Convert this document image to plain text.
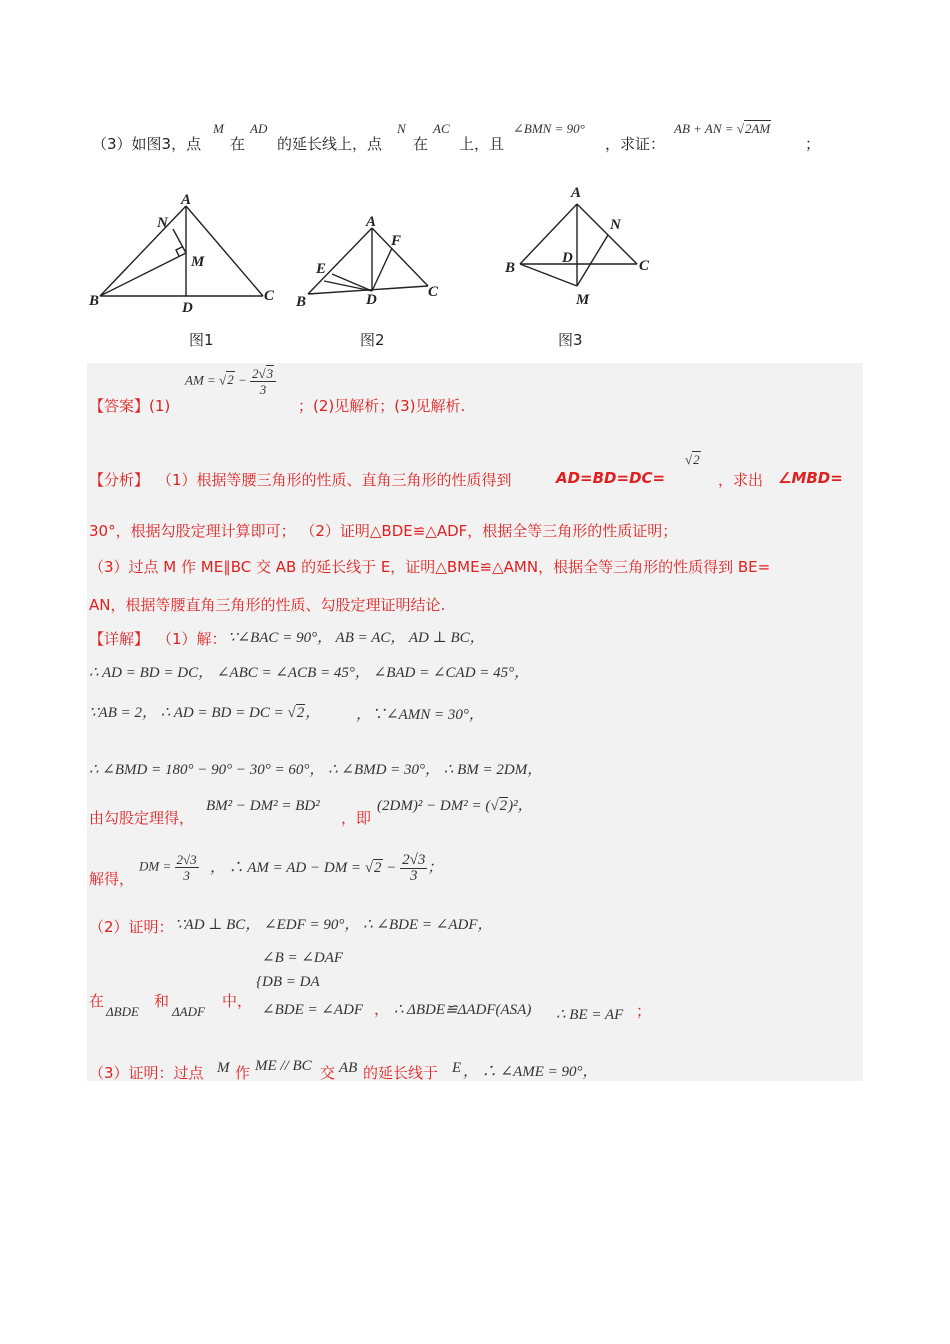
（3）如图3，点
M
在
AD
的延长线上，点
N
在
AC
上，且
∠BMN = 90°
，求证：
AB + AN = √2AM
；
A
N
M
B	D
C
图1
A
F
E
B	D	C
图2
A
N
D
B	C
M
图3
【答案】(1)
AM = $√2 - \frac{2√3}{3}$
；(2)见解析；(3)见解析.
【分析】 （1）根据等腰三角形的性质、直角三角形的性质得到	AD=BD=DC=
√2
，求出 ∠MBD=
30°，根据勾股定理计算即可； （2）证明△BDE≌△ADF，根据全等三角形的性质证明；
（3）过点 M 作 ME∥BC 交 AB 的延长线于 E，证明△BME≌△AMN，根据全等三角形的性质得到 BE=
AN，根据等腰直角三角形的性质、勾股定理证明结论.
【详解】 （1）解： ∵∠BAC = 90°， AB = AC， AD ⊥ BC，
∴ AD = BD = DC， ∠ABC = ∠ACB = 45°， ∠BAD = ∠CAD = 45°，
∵AB = 2， ∴ AD = BD = DC = √2， ，∵∠AMN = 30°，
∴ ∠BMD = 180° − 90° − 30° = 60°， ∴ ∠BMD = 30°， ∴ BM = 2DM，
由勾股定理得，
BM² − DM² = BD²
，即
(2DM)² − DM² = (√2)²，
解得，
DM = $\frac{2√3}{3}$ ， ∴ AM = AD − DM = $√2 - \frac{2√3}{3}$ ；
（2）证明： ∵AD ⊥ BC， ∠EDF = 90°， ∴ ∠BDE = ∠ADF，
在
ΔBDE
和
ΔADF
中，
∠B = ∠DAF
{DB = DA
∠BDE = ∠ADF ， ∴ ΔBDE≌ΔADF(ASA) ∴ BE = AF ；
（3）证明：过点 M 作 ME // BC 交 AB 的延长线于 E ， ∴ ∠AME = 90°，
